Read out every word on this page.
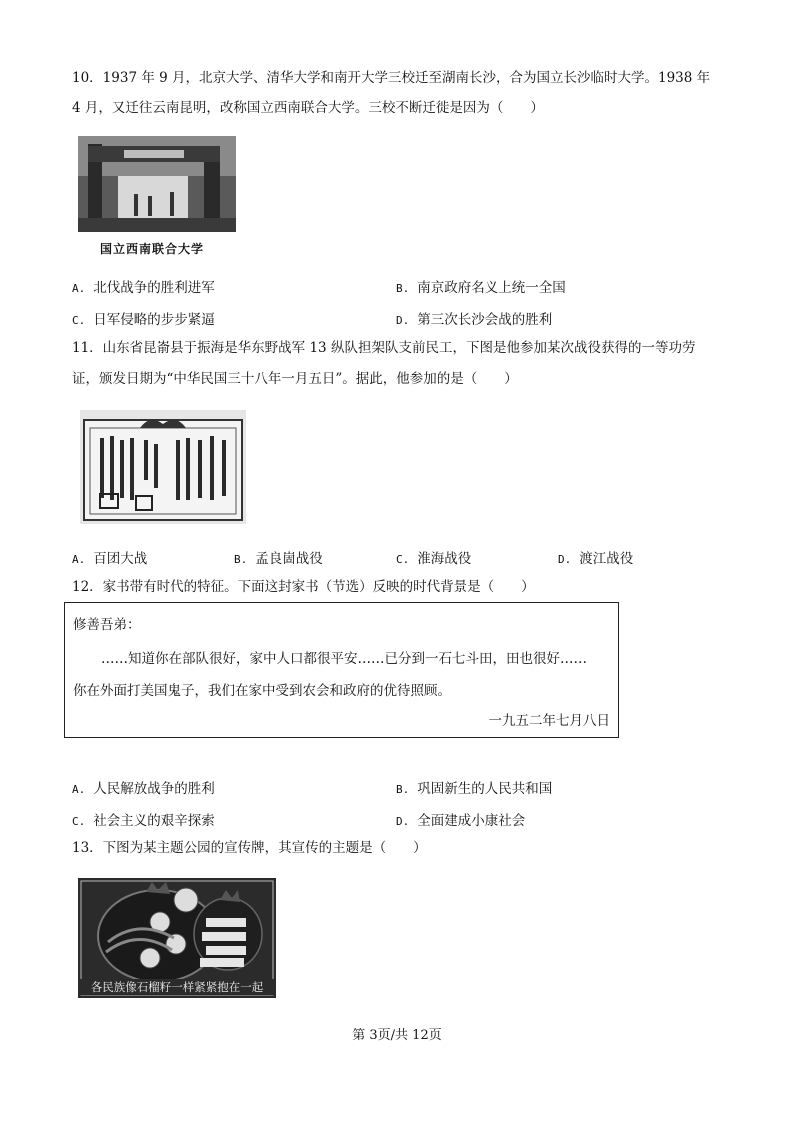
10．1937 年 9 月，北京大学、清华大学和南开大学三校迁至湖南长沙，合为国立长沙临时大学。1938 年
4 月，又迁往云南昆明，改称国立西南联合大学。三校不断迁徙是因为（　　）
国立西南联合大学
A. 北伐战争的胜利进军	B. 南京政府名义上统一全国
C. 日军侵略的步步紧逼	D. 第三次长沙会战的胜利
11．山东省昆嵛县于振海是华东野战军 13 纵队担架队支前民工，下图是他参加某次战役获得的一等功劳
证，颁发日期为“中华民国三十八年一月五日”。据此，他参加的是（　　）
A. 百团大战	B. 孟良崮战役	C. 淮海战役	D. 渡江战役
12．家书带有时代的特征。下面这封家书（节选）反映的时代背景是（　　）
修善吾弟：
……知道你在部队很好，家中人口都很平安……已分到一石七斗田，田也很好……
你在外面打美国鬼子，我们在家中受到农会和政府的优待照顾。
一九五二年七月八日
A. 人民解放战争的胜利	B. 巩固新生的人民共和国
C. 社会主义的艰辛探索	D. 全面建成小康社会
13．下图为某主题公园的宣传牌，其宣传的主题是（　　）
各民族像石榴籽一样紧紧抱在一起
第 3页/共 12页
